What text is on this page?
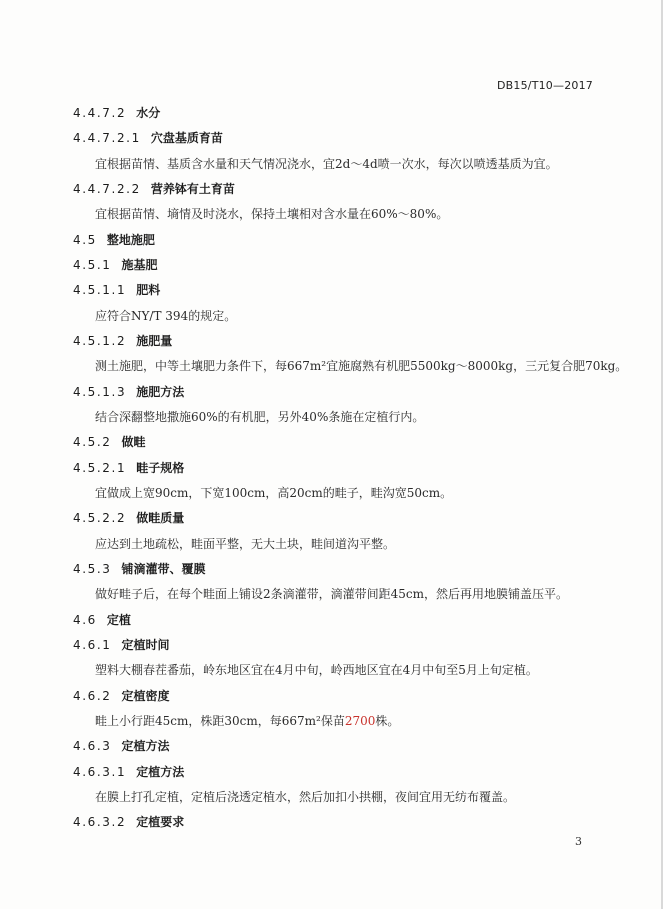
DB15/T10—2017
4.4.7.2 水分
4.4.7.2.1 穴盘基质育苗
宜根据苗情、基质含水量和天气情况浇水，宜2d～4d喷一次水，每次以喷透基质为宜。
4.4.7.2.2 营养钵有土育苗
宜根据苗情、墒情及时浇水，保持土壤相对含水量在60%～80%。
4.5 整地施肥
4.5.1 施基肥
4.5.1.1 肥料
应符合NY/T 394的规定。
4.5.1.2 施肥量
测土施肥，中等土壤肥力条件下，每667m²宜施腐熟有机肥5500kg～8000kg，三元复合肥70kg。
4.5.1.3 施肥方法
结合深翻整地撒施60%的有机肥，另外40%条施在定植行内。
4.5.2 做畦
4.5.2.1 畦子规格
宜做成上宽90cm，下宽100cm，高20cm的畦子，畦沟宽50cm。
4.5.2.2 做畦质量
应达到土地疏松，畦面平整，无大土块，畦间道沟平整。
4.5.3 铺滴灌带、覆膜
做好畦子后，在每个畦面上铺设2条滴灌带，滴灌带间距45cm，然后再用地膜铺盖压平。
4.6 定植
4.6.1 定植时间
塑料大棚春茬番茄，岭东地区宜在4月中旬，岭西地区宜在4月中旬至5月上旬定植。
4.6.2 定植密度
畦上小行距45cm，株距30cm，每667m²保苗2700株。
4.6.3 定植方法
4.6.3.1 定植方法
在膜上打孔定植，定植后浇透定植水，然后加扣小拱棚，夜间宜用无纺布覆盖。
4.6.3.2 定植要求
3
